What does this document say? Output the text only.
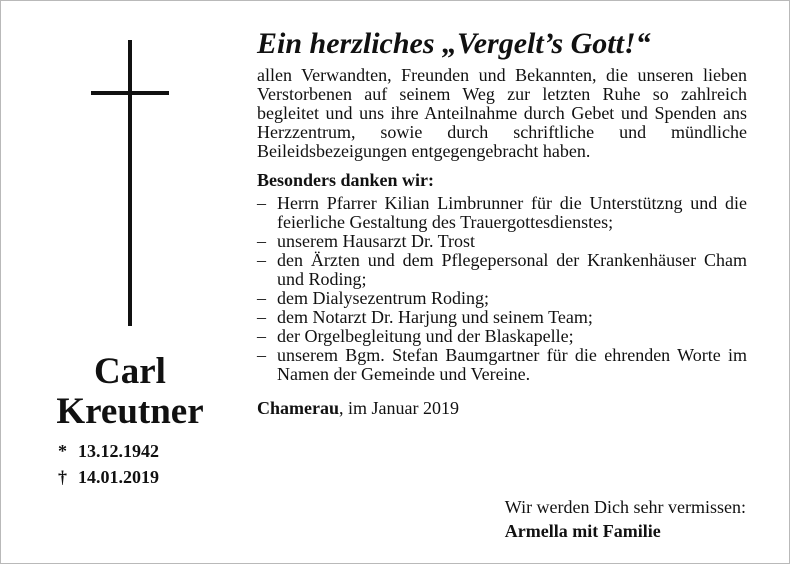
Carl
Kreutner
* 13.12.1942
† 14.01.2019
Ein herzliches „Vergelt’s Gott!“

allen Verwandten, Freunden und Bekannten, die unseren lieben Verstorbenen auf seinem Weg zur letzten Ruhe so zahlreich begleitet und uns ihre Anteilnahme durch Gebet und Spenden ans Herzzentrum, sowie durch schriftliche und mündliche Beileidsbezeigungen entgegengebracht haben.

Besonders danken wir:
– Herrn Pfarrer Kilian Limbrunner für die Unterstützng und die feierliche Gestaltung des Trauergottesdienstes;
– unserem Hausarzt Dr. Trost
– den Ärzten und dem Pflegepersonal der Krankenhäuser Cham und Roding;
– dem Dialysezentrum Roding;
– dem Notarzt Dr. Harjung und seinem Team;
– der Orgelbegleitung und der Blaskapelle;
– unserem Bgm. Stefan Baumgartner für die ehrenden Worte im Namen der Gemeinde und Vereine.
Chamerau, im Januar 2019
Wir werden Dich sehr vermissen:
Armella mit Familie
